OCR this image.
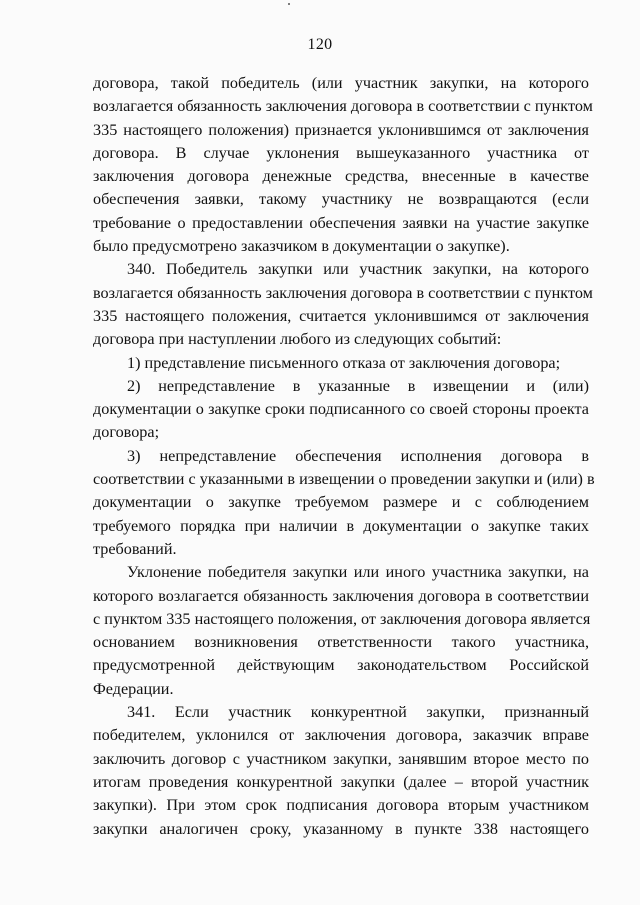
120
договора, такой победитель (или участник закупки, на которого
возлагается обязанность заключения договора в соответствии с пунктом
335 настоящего положения) признается уклонившимся от заключения
договора. В случае уклонения вышеуказанного участника от
заключения договора денежные средства, внесенные в качестве
обеспечения заявки, такому участнику не возвращаются (если
требование о предоставлении обеспечения заявки на участие закупке
было предусмотрено заказчиком в документации о закупке).
340. Победитель закупки или участник закупки, на которого
возлагается обязанность заключения договора в соответствии с пунктом
335 настоящего положения, считается уклонившимся от заключения
договора при наступлении любого из следующих событий:
1) представление письменного отказа от заключения договора;
2) непредставление в указанные в извещении и (или)
документации о закупке сроки подписанного со своей стороны проекта
договора;
3) непредставление обеспечения исполнения договора в
соответствии с указанными в извещении о проведении закупки и (или) в
документации о закупке требуемом размере и с соблюдением
требуемого порядка при наличии в документации о закупке таких
требований.
Уклонение победителя закупки или иного участника закупки, на
которого возлагается обязанность заключения договора в соответствии
с пунктом 335 настоящего положения, от заключения договора является
основанием возникновения ответственности такого участника,
предусмотренной действующим законодательством Российской
Федерации.
341. Если участник конкурентной закупки, признанный
победителем, уклонился от заключения договора, заказчик вправе
заключить договор с участником закупки, занявшим второе место по
итогам проведения конкурентной закупки (далее – второй участник
закупки). При этом срок подписания договора вторым участником
закупки аналогичен сроку, указанному в пункте 338 настоящего
